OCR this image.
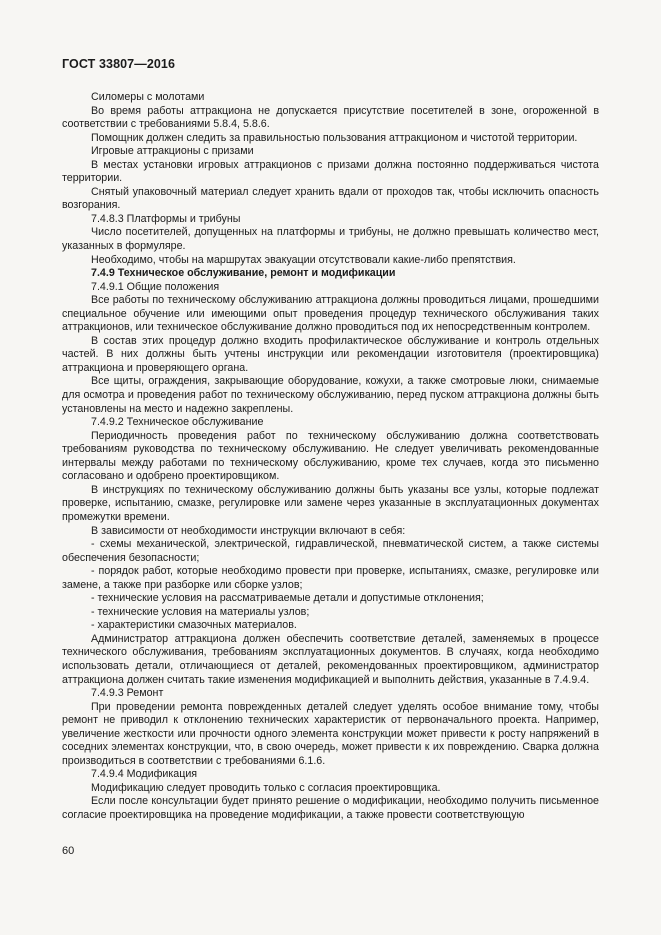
ГОСТ 33807—2016

Силомеры с молотами

Во время работы аттракциона не допускается присутствие посетителей в зоне, огороженной в соответствии с требованиями 5.8.4, 5.8.6.

Помощник должен следить за правильностью пользования аттракционом и чистотой территории.

Игровые аттракционы с призами

В местах установки игровых аттракционов с призами должна постоянно поддерживаться чистота территории.

Снятый упаковочный материал следует хранить вдали от проходов так, чтобы исключить опасность возгорания.

7.4.8.3 Платформы и трибуны

Число посетителей, допущенных на платформы и трибуны, не должно превышать количество мест, указанных в формуляре.

Необходимо, чтобы на маршрутах эвакуации отсутствовали какие-либо препятствия.

7.4.9 Техническое обслуживание, ремонт и модификации

7.4.9.1 Общие положения

Все работы по техническому обслуживанию аттракциона должны проводиться лицами, прошедшими специальное обучение или имеющими опыт проведения процедур технического обслуживания таких аттракционов, или техническое обслуживание должно проводиться под их непосредственным контролем.

В состав этих процедур должно входить профилактическое обслуживание и контроль отдельных частей. В них должны быть учтены инструкции или рекомендации изготовителя (проектировщика) аттракциона и проверяющего органа.

Все щиты, ограждения, закрывающие оборудование, кожухи, а также смотровые люки, снимаемые для осмотра и проведения работ по техническому обслуживанию, перед пуском аттракциона должны быть установлены на место и надежно закреплены.

7.4.9.2 Техническое обслуживание

Периодичность проведения работ по техническому обслуживанию должна соответствовать требованиям руководства по техническому обслуживанию. Не следует увеличивать рекомендованные интервалы между работами по техническому обслуживанию, кроме тех случаев, когда это письменно согласовано и одобрено проектировщиком.

В инструкциях по техническому обслуживанию должны быть указаны все узлы, которые подлежат проверке, испытанию, смазке, регулировке или замене через указанные в эксплуатационных документах промежутки времени.

В зависимости от необходимости инструкции включают в себя:

- схемы механической, электрической, гидравлической, пневматической систем, а также системы обеспечения безопасности;

- порядок работ, которые необходимо провести при проверке, испытаниях, смазке, регулировке или замене, а также при разборке или сборке узлов;

- технические условия на рассматриваемые детали и допустимые отклонения;

- технические условия на материалы узлов;

- характеристики смазочных материалов.

Администратор аттракциона должен обеспечить соответствие деталей, заменяемых в процессе технического обслуживания, требованиям эксплуатационных документов. В случаях, когда необходимо использовать детали, отличающиеся от деталей, рекомендованных проектировщиком, администратор аттракциона должен считать такие изменения модификацией и выполнить действия, указанные в 7.4.9.4.

7.4.9.3 Ремонт

При проведении ремонта поврежденных деталей следует уделять особое внимание тому, чтобы ремонт не приводил к отклонению технических характеристик от первоначального проекта. Например, увеличение жесткости или прочности одного элемента конструкции может привести к росту напряжений в соседних элементах конструкции, что, в свою очередь, может привести к их повреждению. Сварка должна производиться в соответствии с требованиями 6.1.6.

7.4.9.4 Модификация

Модификацию следует проводить только с согласия проектировщика.

Если после консультации будет принято решение о модификации, необходимо получить письменное согласие проектировщика на проведение модификации, а также провести соответствующую

60
